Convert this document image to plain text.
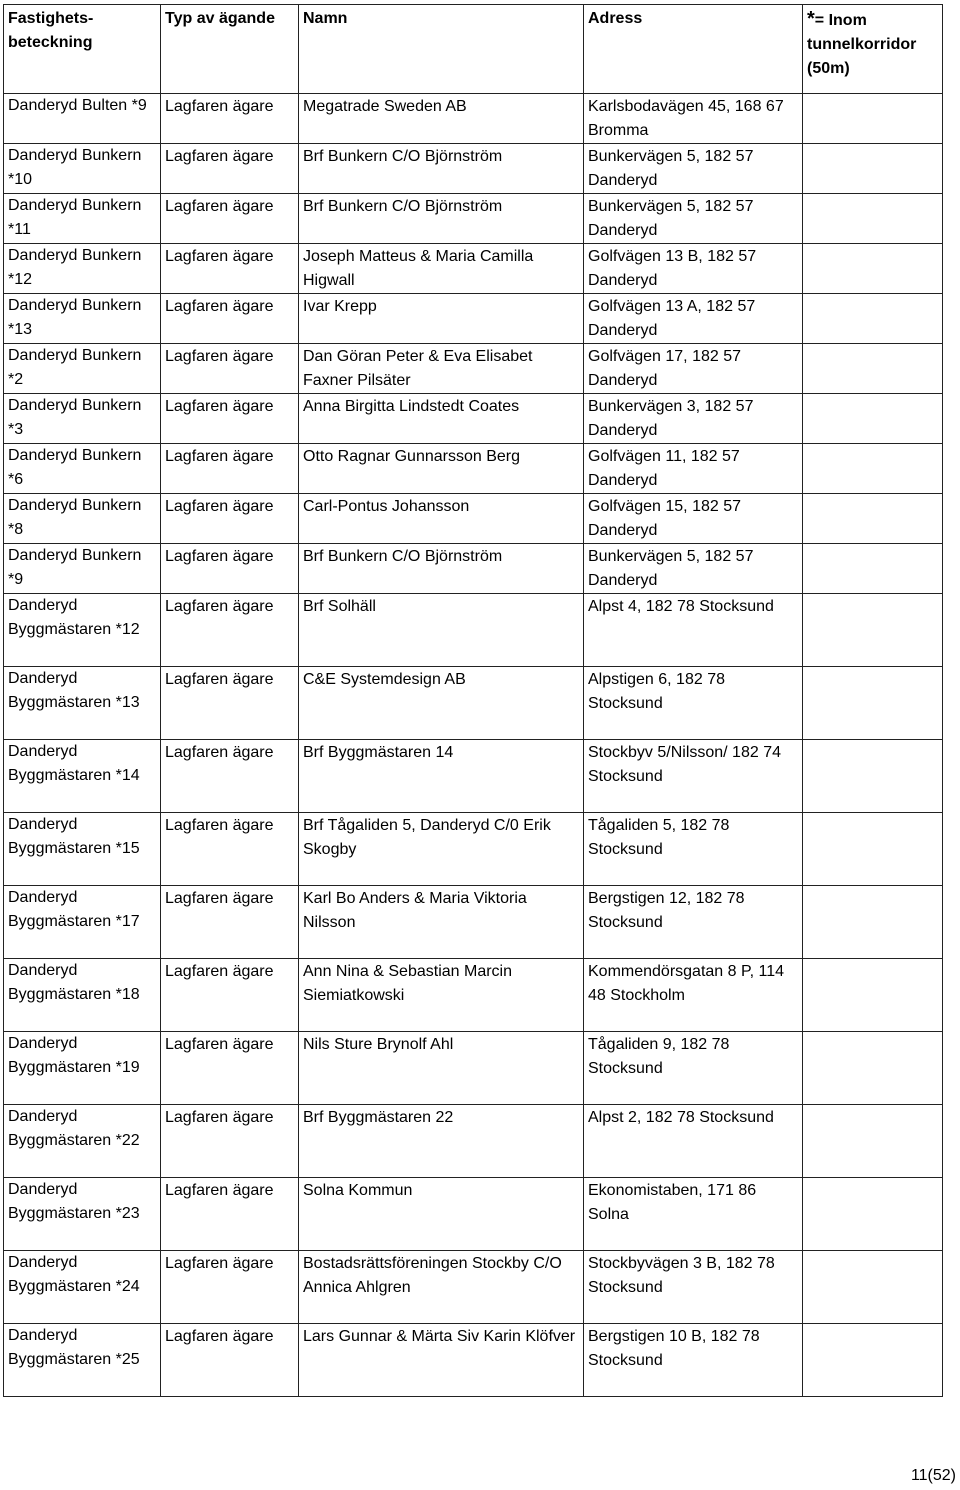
Fastighets-beteckning	Typ av ägande	Namn	Adress	*= Inom tunnelkorridor (50m)
Danderyd Bulten *9	Lagfaren ägare	Megatrade Sweden AB	Karlsbodavägen 45, 168 67 Bromma	
Danderyd Bunkern *10	Lagfaren ägare	Brf Bunkern C/O Björnström	Bunkervägen 5, 182 57 Danderyd	
Danderyd Bunkern *11	Lagfaren ägare	Brf Bunkern C/O Björnström	Bunkervägen 5, 182 57 Danderyd	
Danderyd Bunkern *12	Lagfaren ägare	Joseph Matteus & Maria Camilla Higwall	Golfvägen 13 B, 182 57 Danderyd	
Danderyd Bunkern *13	Lagfaren ägare	Ivar Krepp	Golfvägen 13 A, 182 57 Danderyd	
Danderyd Bunkern *2	Lagfaren ägare	Dan Göran Peter & Eva Elisabet Faxner Pilsäter	Golfvägen 17, 182 57 Danderyd	
Danderyd Bunkern *3	Lagfaren ägare	Anna Birgitta Lindstedt Coates	Bunkervägen 3, 182 57 Danderyd	
Danderyd Bunkern *6	Lagfaren ägare	Otto Ragnar Gunnarsson Berg	Golfvägen 11, 182 57 Danderyd	
Danderyd Bunkern *8	Lagfaren ägare	Carl-Pontus Johansson	Golfvägen 15, 182 57 Danderyd	
Danderyd Bunkern *9	Lagfaren ägare	Brf Bunkern C/O Björnström	Bunkervägen 5, 182 57 Danderyd	
Danderyd Byggmästaren *12	Lagfaren ägare	Brf Solhäll	Alpst 4, 182 78 Stocksund	
Danderyd Byggmästaren *13	Lagfaren ägare	C&E Systemdesign AB	Alpstigen 6, 182 78 Stocksund	
Danderyd Byggmästaren *14	Lagfaren ägare	Brf Byggmästaren 14	Stockbyv 5/Nilsson/ 182 74 Stocksund	
Danderyd Byggmästaren *15	Lagfaren ägare	Brf Tågaliden 5, Danderyd C/0 Erik Skogby	Tågaliden 5, 182 78 Stocksund	
Danderyd Byggmästaren *17	Lagfaren ägare	Karl Bo Anders & Maria Viktoria Nilsson	Bergstigen 12, 182 78 Stocksund	
Danderyd Byggmästaren *18	Lagfaren ägare	Ann Nina & Sebastian Marcin Siemiatkowski	Kommendörsgatan 8 P, 114 48 Stockholm	
Danderyd Byggmästaren *19	Lagfaren ägare	Nils Sture Brynolf Ahl	Tågaliden 9, 182 78 Stocksund	
Danderyd Byggmästaren *22	Lagfaren ägare	Brf Byggmästaren 22	Alpst 2, 182 78 Stocksund	
Danderyd Byggmästaren *23	Lagfaren ägare	Solna Kommun	Ekonomistaben, 171 86 Solna	
Danderyd Byggmästaren *24	Lagfaren ägare	Bostadsrättsföreningen Stockby C/O Annica Ahlgren	Stockbyvägen 3 B, 182 78 Stocksund	
Danderyd Byggmästaren *25	Lagfaren ägare	Lars Gunnar & Märta Siv Karin Klöfver	Bergstigen 10 B, 182 78 Stocksund	
11(52)
